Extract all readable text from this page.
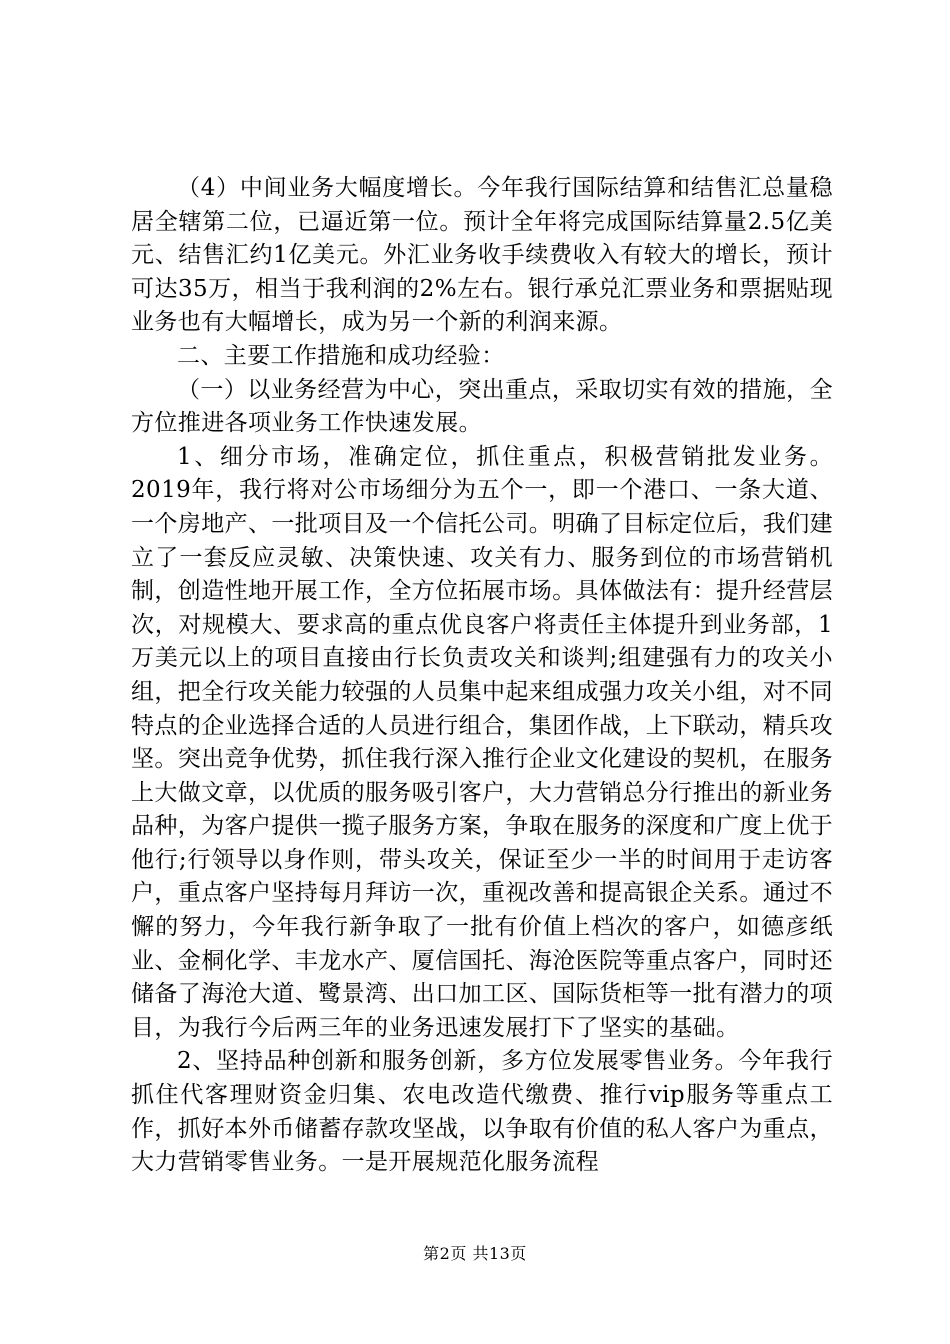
（4）中间业务大幅度增长。今年我行国际结算和结售汇总量稳居全辖第二位，已逼近第一位。预计全年将完成国际结算量2.5亿美元、结售汇约1亿美元。外汇业务收手续费收入有较大的增长，预计可达35万，相当于我利润的2%左右。银行承兑汇票业务和票据贴现业务也有大幅增长，成为另一个新的利润来源。

二、主要工作措施和成功经验：

（一）以业务经营为中心，突出重点，采取切实有效的措施，全方位推进各项业务工作快速发展。

1、细分市场，准确定位，抓住重点，积极营销批发业务。2019年，我行将对公市场细分为五个一，即一个港口、一条大道、一个房地产、一批项目及一个信托公司。明确了目标定位后，我们建立了一套反应灵敏、决策快速、攻关有力、服务到位的市场营销机制，创造性地开展工作，全方位拓展市场。具体做法有：提升经营层次，对规模大、要求高的重点优良客户将责任主体提升到业务部，1万美元以上的项目直接由行长负责攻关和谈判;组建强有力的攻关小组，把全行攻关能力较强的人员集中起来组成强力攻关小组，对不同特点的企业选择合适的人员进行组合，集团作战，上下联动，精兵攻坚。突出竞争优势，抓住我行深入推行企业文化建设的契机，在服务上大做文章，以优质的服务吸引客户，大力营销总分行推出的新业务品种，为客户提供一揽子服务方案，争取在服务的深度和广度上优于他行;行领导以身作则，带头攻关，保证至少一半的时间用于走访客户，重点客户坚持每月拜访一次，重视改善和提高银企关系。通过不懈的努力，今年我行新争取了一批有价值上档次的客户，如德彦纸业、金桐化学、丰龙水产、厦信国托、海沧医院等重点客户，同时还储备了海沧大道、鹭景湾、出口加工区、国际货柜等一批有潜力的项目，为我行今后两三年的业务迅速发展打下了坚实的基础。

2、坚持品种创新和服务创新，多方位发展零售业务。今年我行抓住代客理财资金归集、农电改造代缴费、推行vip服务等重点工作，抓好本外币储蓄存款攻坚战，以争取有价值的私人客户为重点，大力营销零售业务。一是开展规范化服务流程

第2页 共13页
